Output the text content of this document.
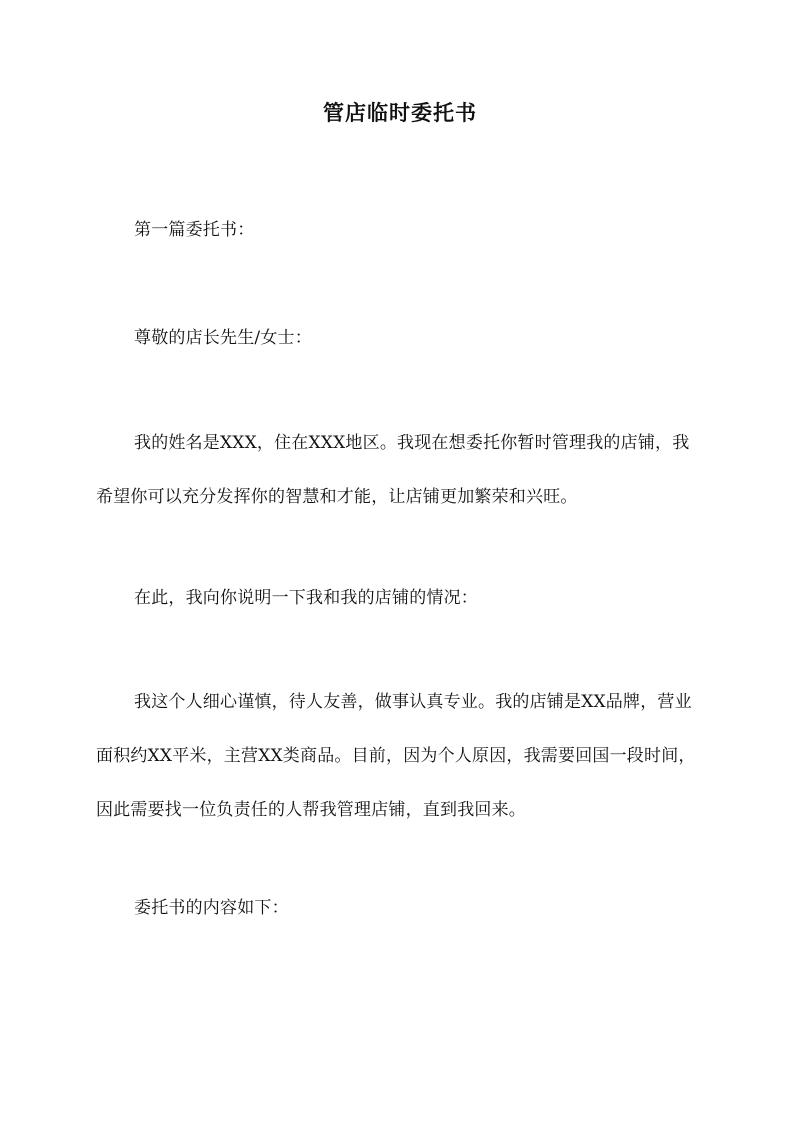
管店临时委托书
第一篇委托书：
尊敬的店长先生/女士：
我的姓名是XXX，住在XXX地区。我现在想委托你暂时管理我的店铺，我希望你可以充分发挥你的智慧和才能，让店铺更加繁荣和兴旺。
在此，我向你说明一下我和我的店铺的情况：
我这个人细心谨慎，待人友善，做事认真专业。我的店铺是XX品牌，营业面积约XX平米，主营XX类商品。目前，因为个人原因，我需要回国一段时间，因此需要找一位负责任的人帮我管理店铺，直到我回来。
委托书的内容如下：
